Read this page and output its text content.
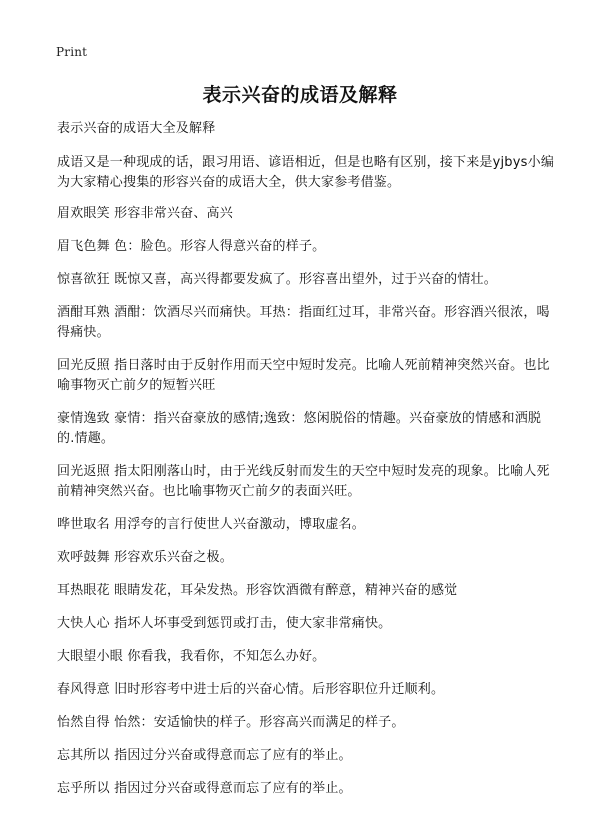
Print
表示兴奋的成语及解释

表示兴奋的成语大全及解释

成语又是一种现成的话，跟习用语、谚语相近，但是也略有区别，接下来是yjbys小编为大家精心搜集的形容兴奋的成语大全，供大家参考借鉴。

眉欢眼笑 形容非常兴奋、高兴

眉飞色舞 色：脸色。形容人得意兴奋的样子。

惊喜欲狂 既惊又喜，高兴得都要发疯了。形容喜出望外，过于兴奋的情壮。

酒酣耳熟 酒酣：饮酒尽兴而痛快。耳热：指面红过耳，非常兴奋。形容酒兴很浓，喝得痛快。

回光反照 指日落时由于反射作用而天空中短时发亮。比喻人死前精神突然兴奋。也比喻事物灭亡前夕的短暂兴旺

豪情逸致 豪情：指兴奋豪放的感情;逸致：悠闲脱俗的情趣。兴奋豪放的情感和洒脱的.情趣。

回光返照 指太阳刚落山时，由于光线反射而发生的天空中短时发亮的现象。比喻人死前精神突然兴奋。也比喻事物灭亡前夕的表面兴旺。

哗世取名 用浮夸的言行使世人兴奋激动，博取虚名。

欢呼鼓舞 形容欢乐兴奋之极。

耳热眼花 眼睛发花，耳朵发热。形容饮酒微有醉意，精神兴奋的感觉

大快人心 指坏人坏事受到惩罚或打击，使大家非常痛快。

大眼望小眼 你看我，我看你，不知怎么办好。

春风得意 旧时形容考中进士后的兴奋心情。后形容职位升迁顺利。

怡然自得 怡然：安适愉快的样子。形容高兴而满足的样子。

忘其所以 指因过分兴奋或得意而忘了应有的举止。

忘乎所以 指因过分兴奋或得意而忘了应有的举止。
